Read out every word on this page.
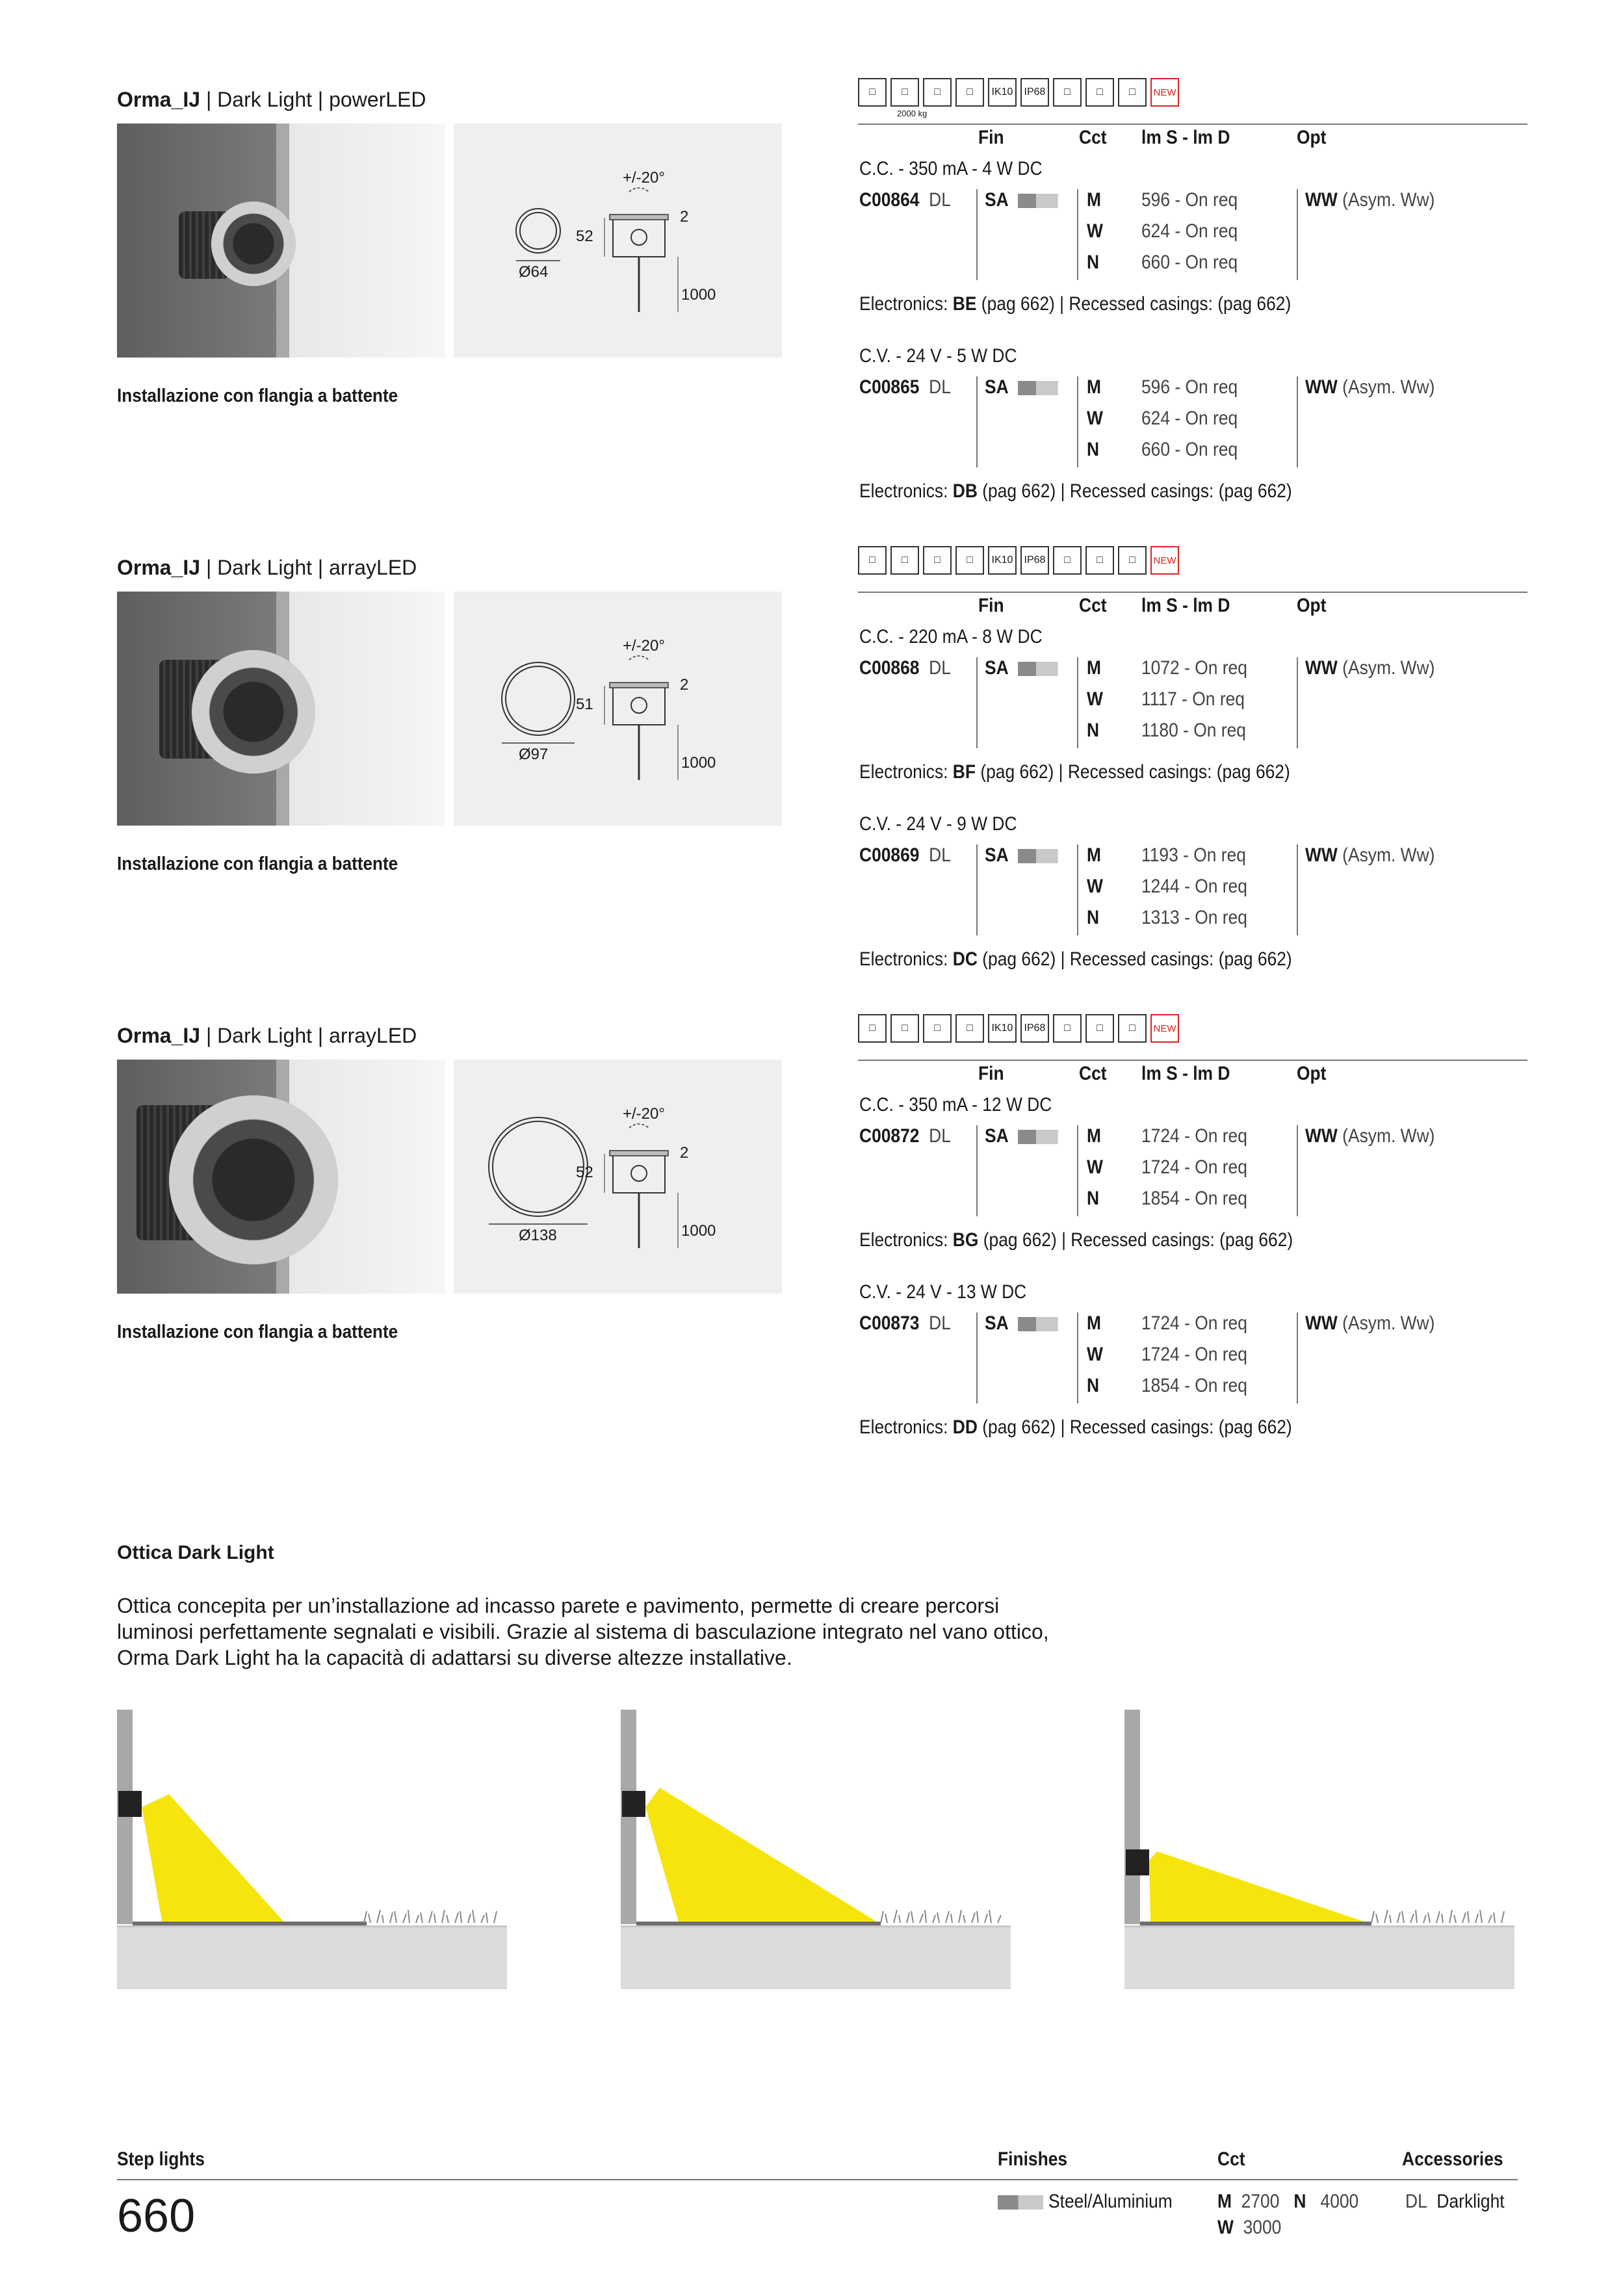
Orma_IJ | Dark Light | powerLED
Ø64
52
+/-20°
2
1000
Installazione con flangia a battente
□	□	□	□	IK10 IP68	□	□	□	NEW
2000 kg
Fin	Cct lm S - lm D	Opt
C.C. - 350 mA - 4 W DC
C00864 DL SA	M 596 - On req
W 624 - On req
N 660 - On req
WW (Asym. Ww)
Electronics: BE (pag 662) | Recessed casings: (pag 662)
C.V. - 24 V - 5 W DC
C00865 DL SA	M 596 - On req
W 624 - On req
N 660 - On req
WW (Asym. Ww)
Electronics: DB (pag 662) | Recessed casings: (pag 662)
Orma_IJ | Dark Light | arrayLED
Ø97
51
+/-20°
2
1000
Installazione con flangia a battente
□	□	□	□	IK10 IP68	□	□	□	NEW
Fin	Cct lm S - lm D	Opt
C.C. - 220 mA - 8 W DC
C00868 DL SA	M 1072 - On req
W 1117 - On req
N 1180 - On req
WW (Asym. Ww)
Electronics: BF (pag 662) | Recessed casings: (pag 662)
C.V. - 24 V - 9 W DC
C00869 DL SA	M 1193 - On req
W 1244 - On req
N 1313 - On req
WW (Asym. Ww)
Electronics: DC (pag 662) | Recessed casings: (pag 662)
Orma_IJ | Dark Light | arrayLED
Ø138
52
+/-20°
2
1000
Installazione con flangia a battente
□	□	□	□	IK10 IP68	□	□	□	NEW
Fin	Cct lm S - lm D	Opt
C.C. - 350 mA - 12 W DC
C00872 DL SA	M 1724 - On req
W 1724 - On req
N 1854 - On req
WW (Asym. Ww)
Electronics: BG (pag 662) | Recessed casings: (pag 662)
C.V. - 24 V - 13 W DC
C00873 DL SA	M 1724 - On req
W 1724 - On req
N 1854 - On req
WW (Asym. Ww)
Electronics: DD (pag 662) | Recessed casings: (pag 662)
Ottica Dark Light
Ottica concepita per un’installazione ad incasso parete e pavimento, permette di creare percorsi luminosi perfettamente segnalati e visibili. Grazie al sistema di basculazione integrato nel vano ottico, Orma Dark Light ha la capacità di adattarsi su diverse altezze installative.
Step lights	Finishes	Cct	Accessories
660	Steel/Aluminium	M 2700 N 4000
W 3000
DL Darklight
